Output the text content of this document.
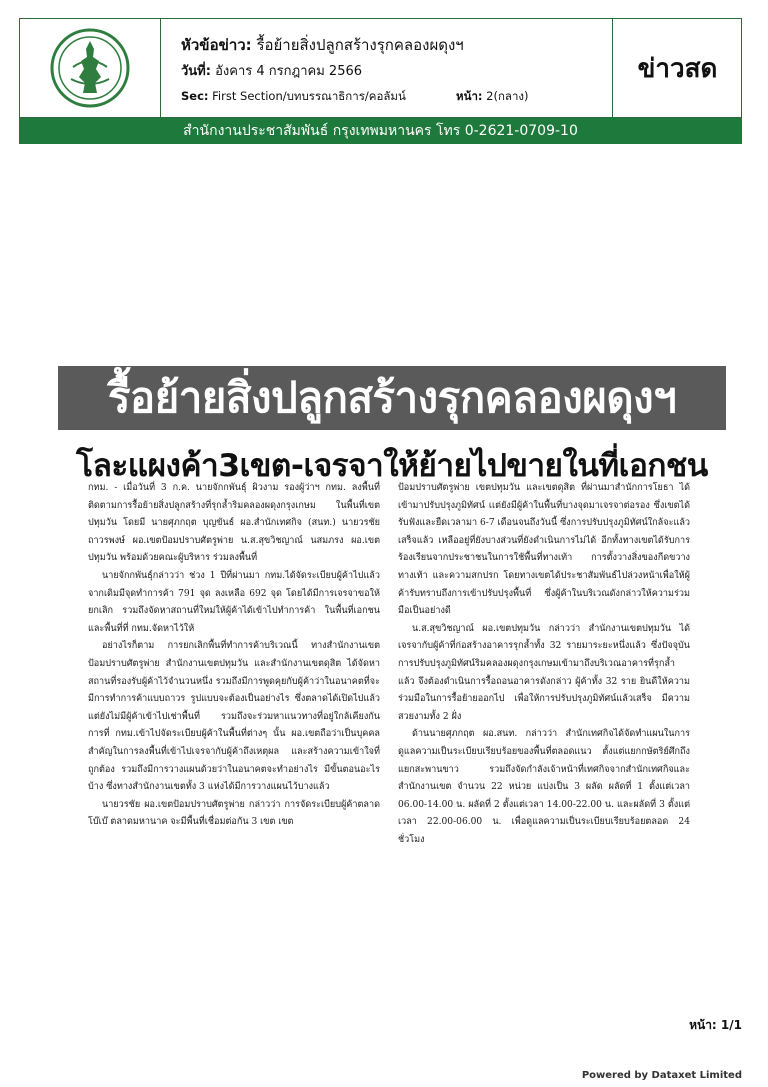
หัวข้อข่าว: รื้อย้ายสิ่งปลูกสร้างรุกคลองผดุงฯ
วันที่: อังคาร 4 กรกฎาคม 2566
Sec: First Section/บทบรรณาธิการ/คอลัมน์	หน้า: 2(กลาง)
ข่าวสด
สำนักงานประชาสัมพันธ์ กรุงเทพมหานคร โทร 0-2621-0709-10
รื้อย้ายสิ่งปลูกสร้างรุกคลองผดุงฯ
โละแผงค้า3เขต-เจรจาให้ย้ายไปขายในที่เอกชน

กทม. - เมื่อวันที่ 3 ก.ค. นายจักกพันธุ์ ผิวงาม รองผู้ว่าฯ กทม. ลงพื้นที่ติดตามการรื้อย้ายสิ่งปลูกสร้างที่รุกล้ำริมคลองผดุงกรุงเกษม ในพื้นที่เขตปทุมวัน โดยมี นายศุภกฤต บุญขันธ์ ผอ.สำนักเทศกิจ (สนท.) นายวรชัย ถาวรพงษ์ ผอ.เขตป้อมปราบศัตรูพ่าย น.ส.สุขวิชญาณ์ นสมภรง ผอ.เขตปทุมวัน พร้อมด้วยคณะผู้บริหาร ร่วมลงพื้นที่

นายจักกพันธุ์กล่าวว่า ช่วง 1 ปีที่ผ่านมา กทม.ได้จัดระเบียบผู้ค้าไปแล้ว จากเดิมมีจุดทำการค้า 791 จุด ลงเหลือ 692 จุด โดยได้มีการเจรจาขอให้ยกเลิก รวมถึงจัดหาสถานที่ใหม่ให้ผู้ค้าได้เข้าไปทำการค้า ในพื้นที่เอกชนและพื้นที่ที่ กทม.จัดหาไว้ให้

อย่างไรก็ตาม การยกเลิกพื้นที่ทำการค้าบริเวณนี้ ทางสำนักงานเขตป้อมปราบศัตรูพ่าย สำนักงานเขตปทุมวัน และสำนักงานเขตดุสิต ได้จัดหาสถานที่รองรับผู้ค้าไว้จำนวนหนึ่ง รวมถึงมีการพูดคุยกับผู้ค้าว่าในอนาคตที่จะมีการทำการค้าแบบถาวร รูปแบบจะต้องเป็นอย่างไร ซึ่งตลาดได้เปิดไปแล้วแต่ยังไม่มีผู้ค้าเข้าไปเช่าพื้นที่ รวมถึงจะร่วมหาแนวทางที่อยู่ใกล้เคียงกัน การที่ กทม.เข้าไปจัดระเบียบผู้ค้าในพื้นที่ต่างๆ นั้น ผอ.เขตถือว่าเป็นบุคคลสำคัญในการลงพื้นที่เข้าไปเจรจากับผู้ค้าถึงเหตุผล และสร้างความเข้าใจที่ถูกต้อง รวมถึงมีการวางแผนด้วยว่าในอนาคตจะทำอย่างไร มีขั้นตอนอะไรบ้าง ซึ่งทางสำนักงานเขตทั้ง 3 แห่งได้มีการวางแผนไว้บางแล้ว

นายวรชัย ผอ.เขตป้อมปราบศัตรูพ่าย กล่าวว่า การจัดระเบียบผู้ค้าตลาดโบ๊เบ๊ ตลาดมหานาค จะมีพื้นที่เชื่อมต่อกัน 3 เขต เขต

ป้อมปราบศัตรูพ่าย เขตปทุมวัน และเขตดุสิต ที่ผ่านมาสำนักการโยธา ได้เข้ามาปรับปรุงภูมิทัศน์ เเต่ยังมีผู้ค้าในพื้นที่บางจุดมาเจรจาต่อรอง ซึ่งเขตได้รับฟังและยืดเวลามา 6-7 เดือนจนถึงวันนี้ ซึ่งการปรับปรุงภูมิทัศน์ใกล้จะแล้วเสร็จแล้ว เหลืออยู่ที่ยังบางส่วนที่ยังดำเนินการไม่ได้ อีกทั้งทางเขตได้รับการร้องเรียนจากประชาชนในการใช้พื้นที่ทางเท้า การตั้งวางสิ่งของกีดขวางทางเท้า และความสกปรก โดยทางเขตได้ประชาสัมพันธ์ไปล่วงหน้าเพื่อให้ผู้ค้ารับทราบถึงการเข้าปรับปรุงพื้นที่ ซึ่งผู้ค้าในบริเวณดังกล่าวให้ความร่วมมือเป็นอย่างดี

น.ส.สุขวิชญาณ์ ผอ.เขตปทุมวัน กล่าวว่า สำนักงานเขตปทุมวัน ได้เจรจากับผู้ค้าที่ก่อสร้างอาคารรุกล้ำทั้ง 32 รายมาระยะหนึ่งแล้ว ซึ่งปัจจุบันการปรับปรุงภูมิทัศน์ริมคลองผดุงกรุงเกษมเข้ามาถึงบริเวณอาคารที่รุกล้ำแล้ว จึงต้องดำเนินการรื้อถอนอาคารดังกล่าว ผู้ค้าทั้ง 32 ราย ยินดีให้ความร่วมมือในการรื้อย้ายออกไป เพื่อให้การปรับปรุงภูมิทัศน์แล้วเสร็จ มีความสวยงามทั้ง 2 ฝั่ง

ด้านนายศุภกฤต ผอ.สนท. กล่าวว่า สำนักเทศกิจได้จัดทำแผนในการดูแลความเป็นระเบียบเรียบร้อยของพื้นที่ตลอดแนว ตั้งแต่แยกกษัตริย์ศึกถึงแยกสะพานขาว รวมถึงจัดกำลังเจ้าหน้าที่เทศกิจจากสำนักเทศกิจและสำนักงานเขต จำนวน 22 หน่วย แบ่งเป็น 3 ผลัด ผลัดที่ 1 ตั้งแต่เวลา 06.00-14.00 น. ผลัดที่ 2 ตั้งแต่เวลา 14.00-22.00 น. และผลัดที่ 3 ตั้งแต่เวลา 22.00-06.00 น. เพื่อดูแลความเป็นระเบียบเรียบร้อยตลอด 24 ชั่วโมง

หน้า: 1/1
Powered by Dataxet Limited
